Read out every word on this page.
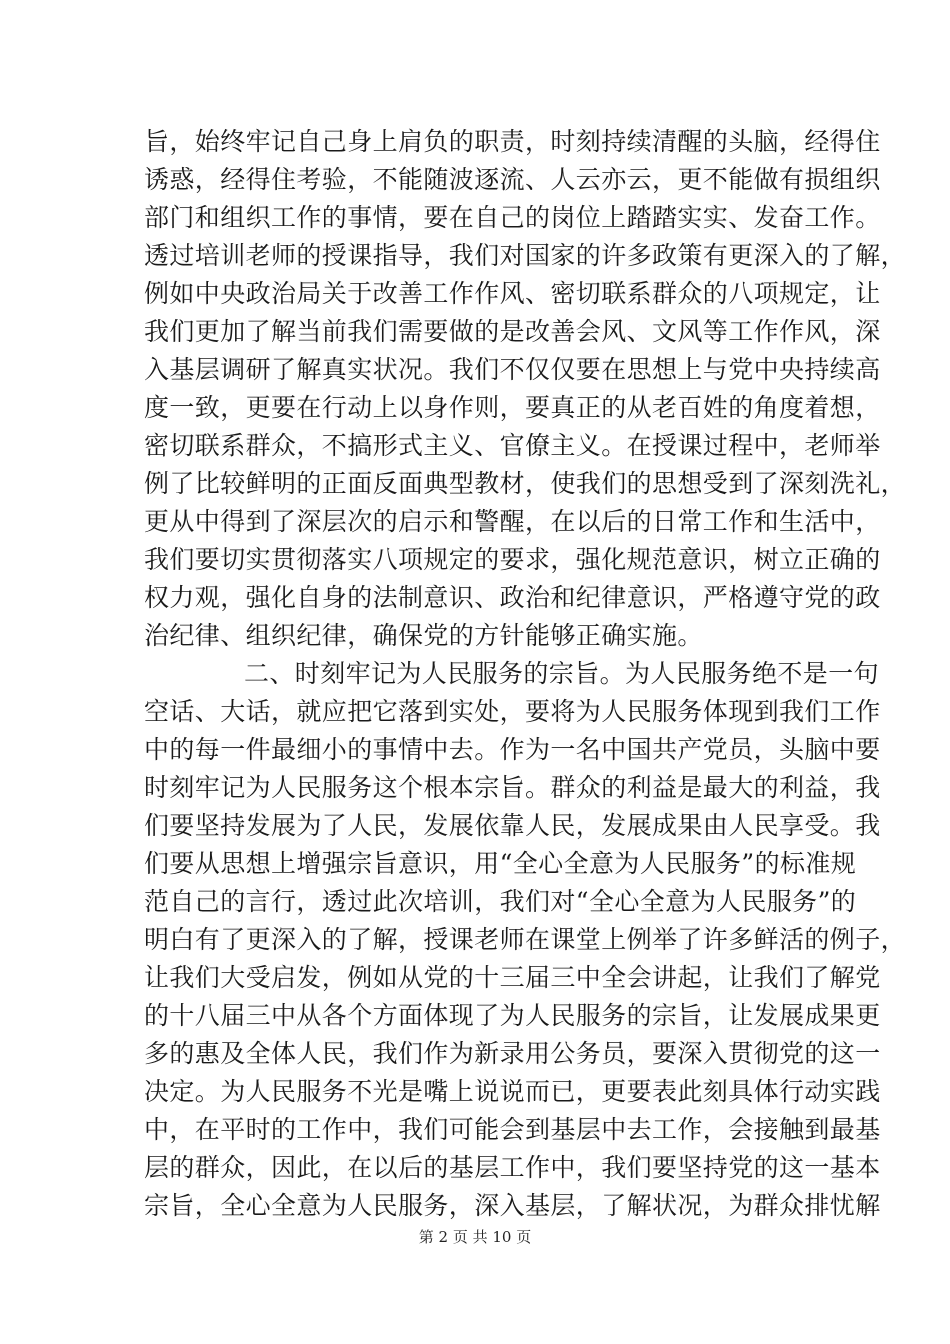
旨，始终牢记自己身上肩负的职责，时刻持续清醒的头脑，经得住
诱惑，经得住考验，不能随波逐流、人云亦云，更不能做有损组织
部门和组织工作的事情，要在自己的岗位上踏踏实实、发奋工作。
透过培训老师的授课指导，我们对国家的许多政策有更深入的了解，
例如中央政治局关于改善工作作风、密切联系群众的八项规定，让
我们更加了解当前我们需要做的是改善会风、文风等工作作风，深
入基层调研了解真实状况。我们不仅仅要在思想上与党中央持续高
度一致，更要在行动上以身作则，要真正的从老百姓的角度着想，
密切联系群众，不搞形式主义、官僚主义。在授课过程中，老师举
例了比较鲜明的正面反面典型教材，使我们的思想受到了深刻洗礼，
更从中得到了深层次的启示和警醒，在以后的日常工作和生活中，
我们要切实贯彻落实八项规定的要求，强化规范意识，树立正确的
权力观，强化自身的法制意识、政治和纪律意识，严格遵守党的政
治纪律、组织纪律，确保党的方针能够正确实施。
二、时刻牢记为人民服务的宗旨。为人民服务绝不是一句
空话、大话，就应把它落到实处，要将为人民服务体现到我们工作
中的每一件最细小的事情中去。作为一名中国共产党员，头脑中要
时刻牢记为人民服务这个根本宗旨。群众的利益是最大的利益，我
们要坚持发展为了人民，发展依靠人民，发展成果由人民享受。我
们要从思想上增强宗旨意识，用“全心全意为人民服务”的标准规
范自己的言行，透过此次培训，我们对“全心全意为人民服务”的
明白有了更深入的了解，授课老师在课堂上例举了许多鲜活的例子，
让我们大受启发，例如从党的十三届三中全会讲起，让我们了解党
的十八届三中从各个方面体现了为人民服务的宗旨，让发展成果更
多的惠及全体人民，我们作为新录用公务员，要深入贯彻党的这一
决定。为人民服务不光是嘴上说说而已，更要表此刻具体行动实践
中，在平时的工作中，我们可能会到基层中去工作，会接触到最基
层的群众，因此，在以后的基层工作中，我们要坚持党的这一基本
宗旨，全心全意为人民服务，深入基层，了解状况，为群众排忧解
第 2 页 共 10 页
